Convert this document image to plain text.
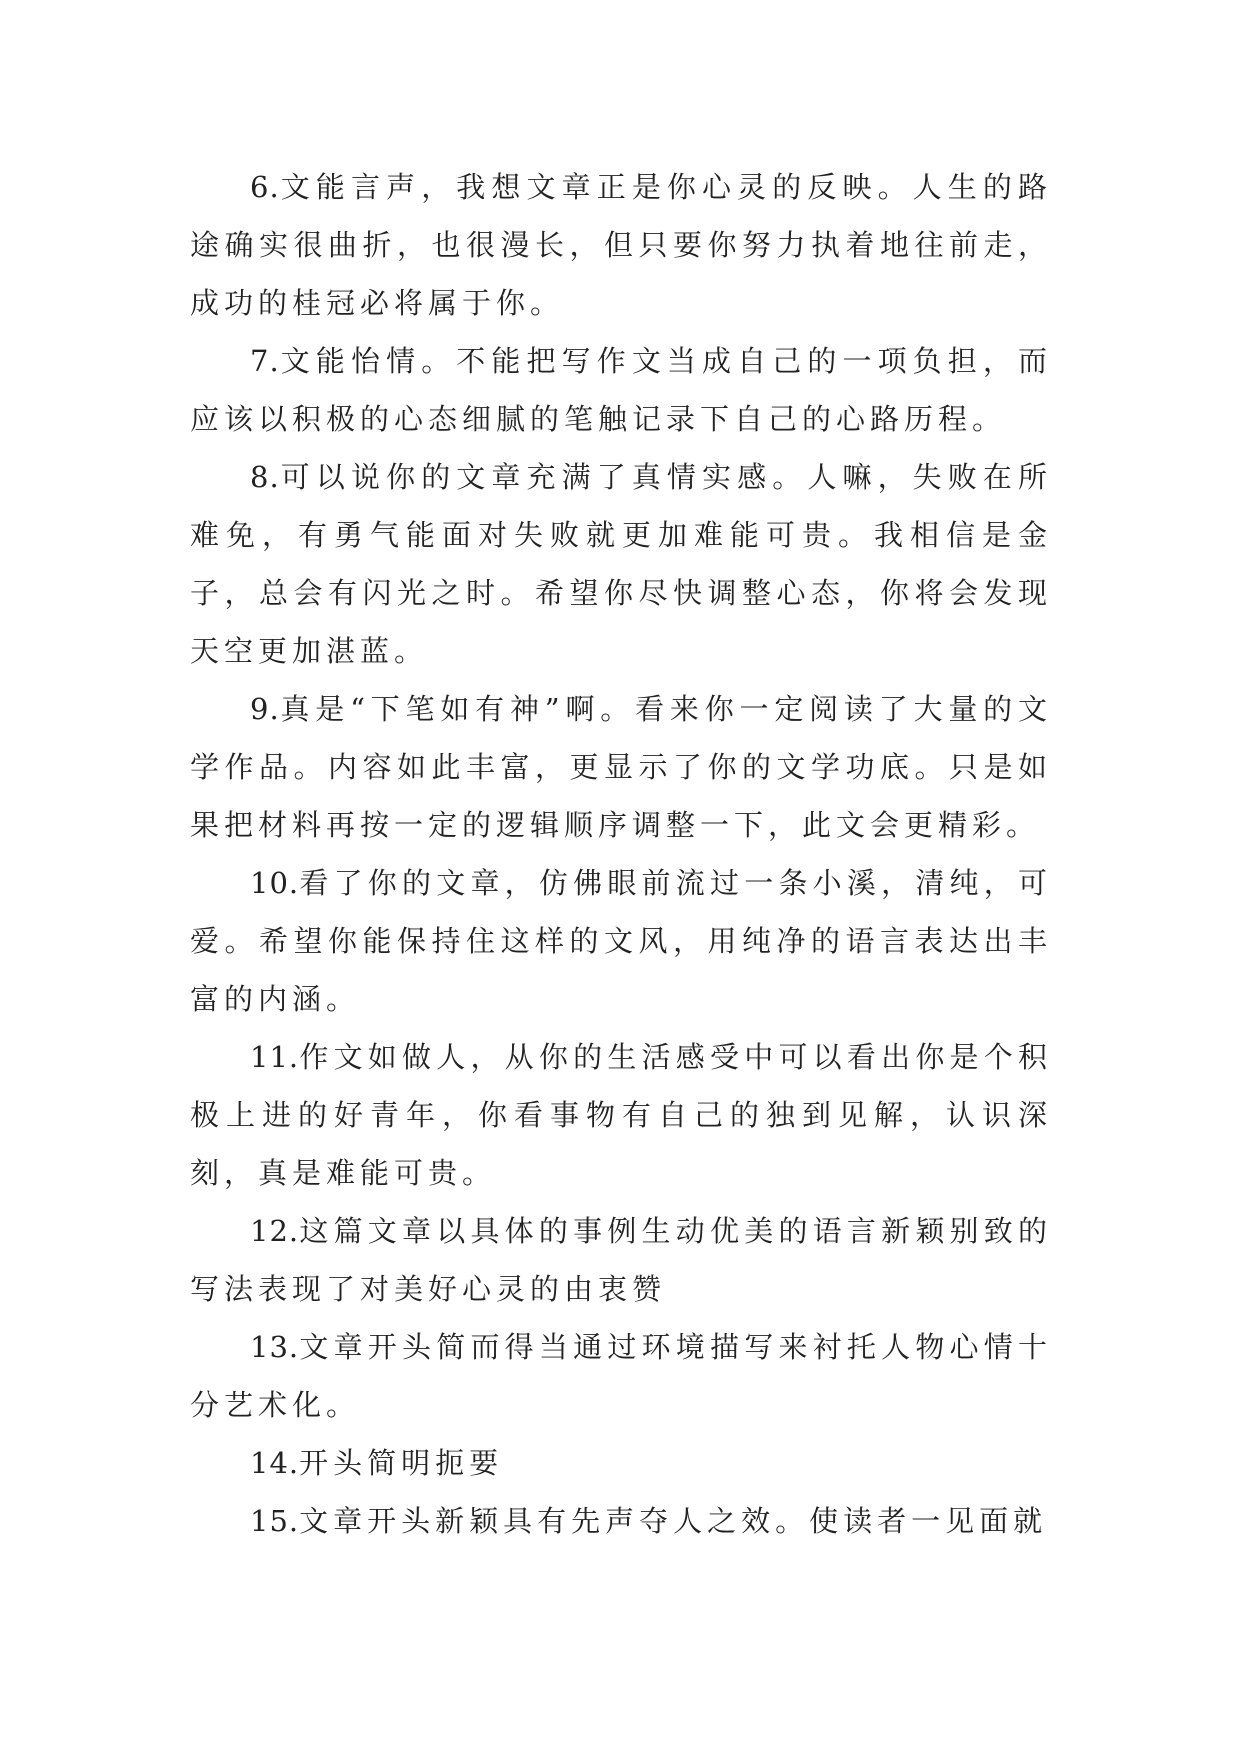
6.文能言声，我想文章正是你心灵的反映。人生的路途确实很曲折，也很漫长，但只要你努力执着地往前走，成功的桂冠必将属于你。

7.文能怡情。不能把写作文当成自己的一项负担，而应该以积极的心态细腻的笔触记录下自己的心路历程。

8.可以说你的文章充满了真情实感。人嘛，失败在所难免，有勇气能面对失败就更加难能可贵。我相信是金子，总会有闪光之时。希望你尽快调整心态，你将会发现天空更加湛蓝。

9.真是“下笔如有神”啊。看来你一定阅读了大量的文学作品。内容如此丰富，更显示了你的文学功底。只是如果把材料再按一定的逻辑顺序调整一下，此文会更精彩。

10.看了你的文章，仿佛眼前流过一条小溪，清纯，可爱。希望你能保持住这样的文风，用纯净的语言表达出丰富的内涵。

11.作文如做人，从你的生活感受中可以看出你是个积极上进的好青年，你看事物有自己的独到见解，认识深刻，真是难能可贵。

12.这篇文章以具体的事例生动优美的语言新颖别致的写法表现了对美好心灵的由衷赞

13.文章开头简而得当通过环境描写来衬托人物心情十分艺术化。

14.开头简明扼要

15.文章开头新颖具有先声夺人之效。使读者一见面就
